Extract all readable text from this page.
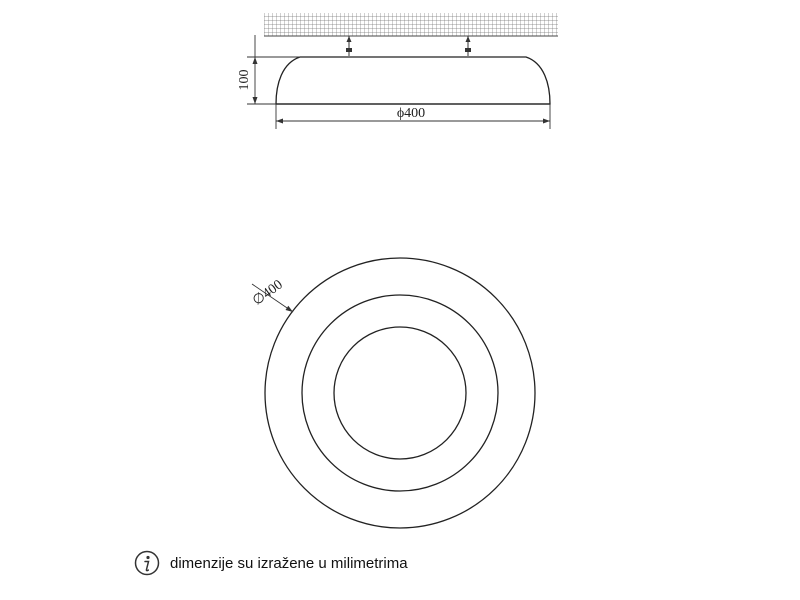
100
ϕ400
∅400
dimenzije su izražene u milimetrima
